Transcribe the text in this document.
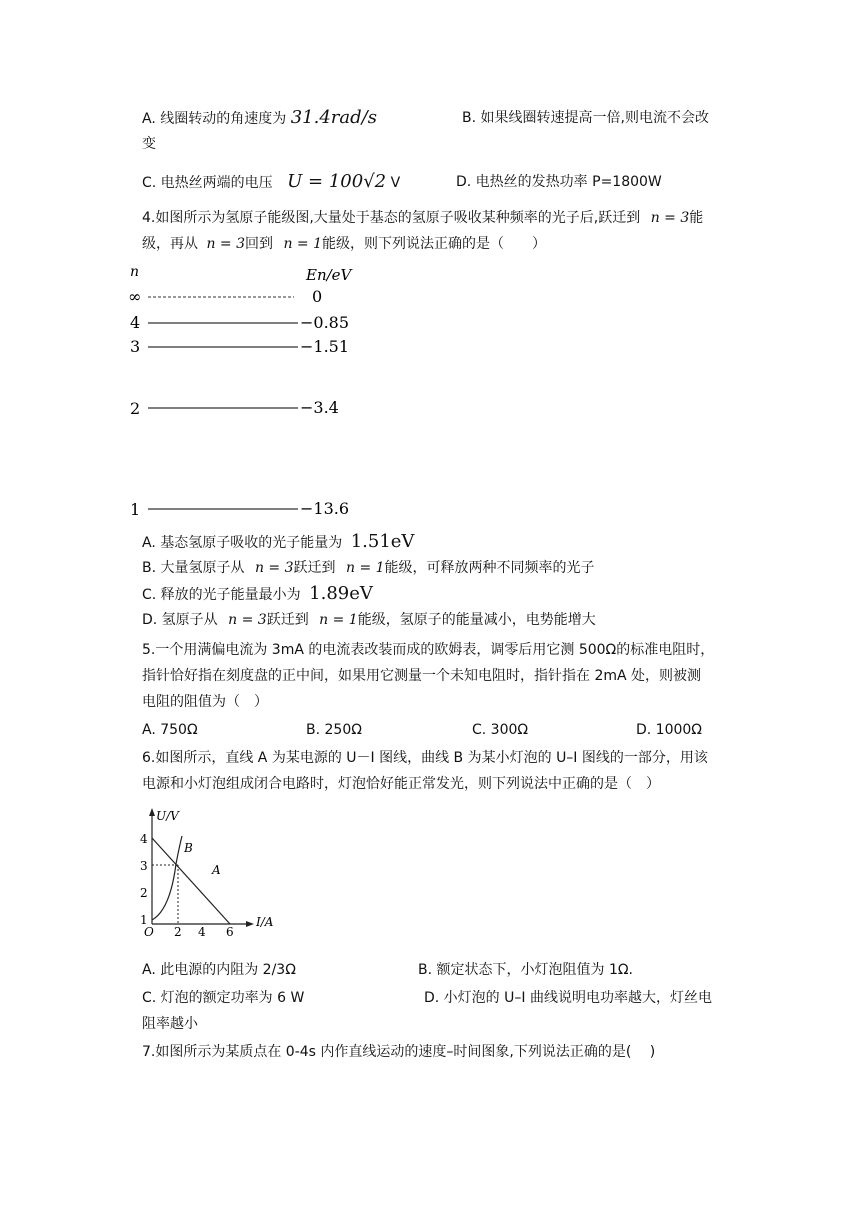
A. 线圈转动的角速度为 31.4rad/s	B. 如果线圈转速提高一倍,则电流不会改
变
C. 电热丝两端的电压 U = 100√2 V	D. 电热丝的发热功率 P=1800W
4.如图所示为氢原子能级图,大量处于基态的氢原子吸收某种频率的光子后,跃迁到 n = 3能
级，再从 n = 3回到 n = 1能级，则下列说法正确的是（　　）
n	En/eV
∞	0
4	−0.85
3	−1.51
2	−3.4
1	−13.6
A. 基态氢原子吸收的光子能量为 1.51eV
B. 大量氢原子从 n = 3跃迁到 n = 1能级，可释放两种不同频率的光子
C. 释放的光子能量最小为 1.89eV
D. 氢原子从 n = 3跃迁到 n = 1能级，氢原子的能量减小，电势能增大
5.一个用满偏电流为 3mA 的电流表改装而成的欧姆表，调零后用它测 500Ω的标准电阻时，
指针恰好指在刻度盘的正中间，如果用它测量一个未知电阻时，指针指在 2mA 处，则被测
电阻的阻值为（　）
A. 750Ω	B. 250Ω	C. 300Ω	D. 1000Ω
6.如图所示，直线 A 为某电源的 U－I 图线，曲线 B 为某小灯泡的 U–I 图线的一部分，用该
电源和小灯泡组成闭合电路时，灯泡恰好能正常发光，则下列说法中正确的是（　）
U/V
I/A
O
1
2
3
4
2 4 6
A
B
A. 此电源的内阻为 2/3Ω	B. 额定状态下，小灯泡阻值为 1Ω.
C. 灯泡的额定功率为 6 W	D. 小灯泡的 U–I 曲线说明电功率越大，灯丝电
阻率越小
7.如图所示为某质点在 0-4s 内作直线运动的速度–时间图象,下列说法正确的是(　 )
